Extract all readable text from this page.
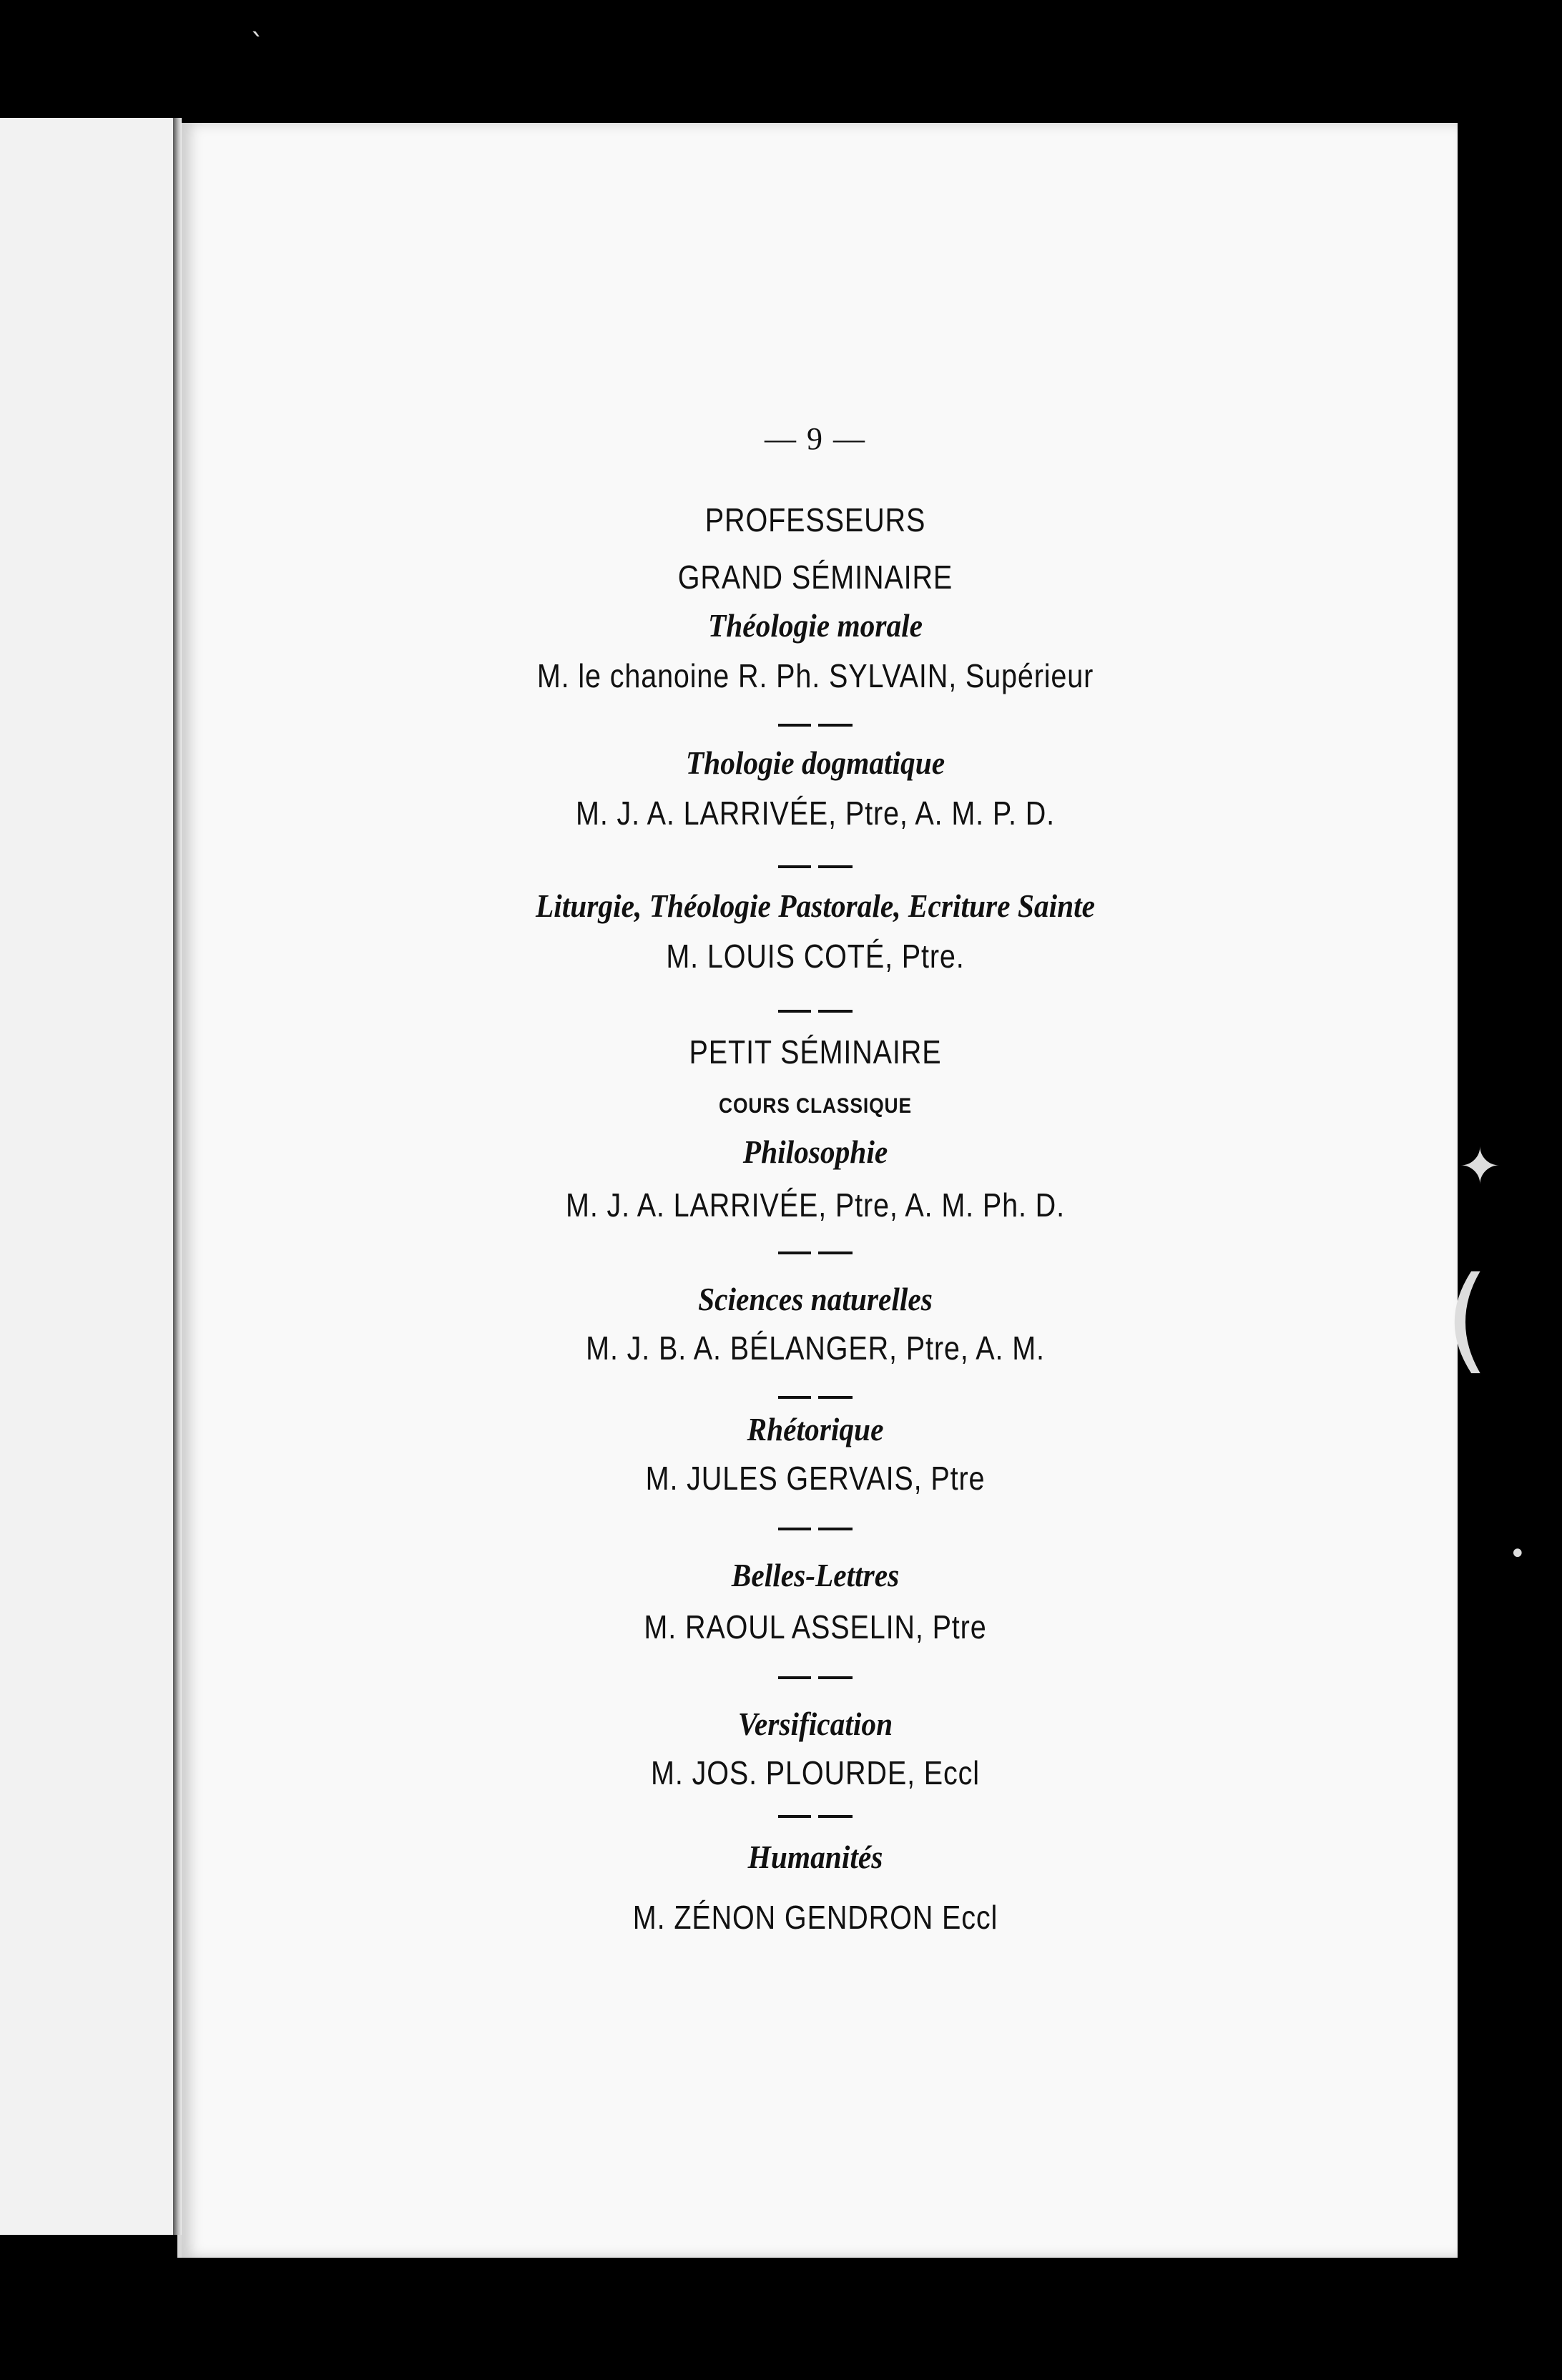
`
✦
(
•
— 9 —
PROFESSEURS
GRAND SÉMINAIRE
Théologie morale
M. le chanoine R. Ph. SYLVAIN, Supérieur
Thologie dogmatique
M. J. A. LARRIVÉE, Ptre, A. M. P. D.
Liturgie, Théologie Pastorale, Ecriture Sainte
M. LOUIS COTÉ, Ptre.
PETIT SÉMINAIRE
COURS CLASSIQUE
Philosophie
M. J. A. LARRIVÉE, Ptre, A. M. Ph. D.
Sciences naturelles
M. J. B. A. BÉLANGER, Ptre, A. M.
Rhétorique
M. JULES GERVAIS, Ptre
Belles-Lettres
M. RAOUL ASSELIN, Ptre
Versification
M. JOS. PLOURDE, Eccl
Humanités
M. ZÉNON GENDRON Eccl
